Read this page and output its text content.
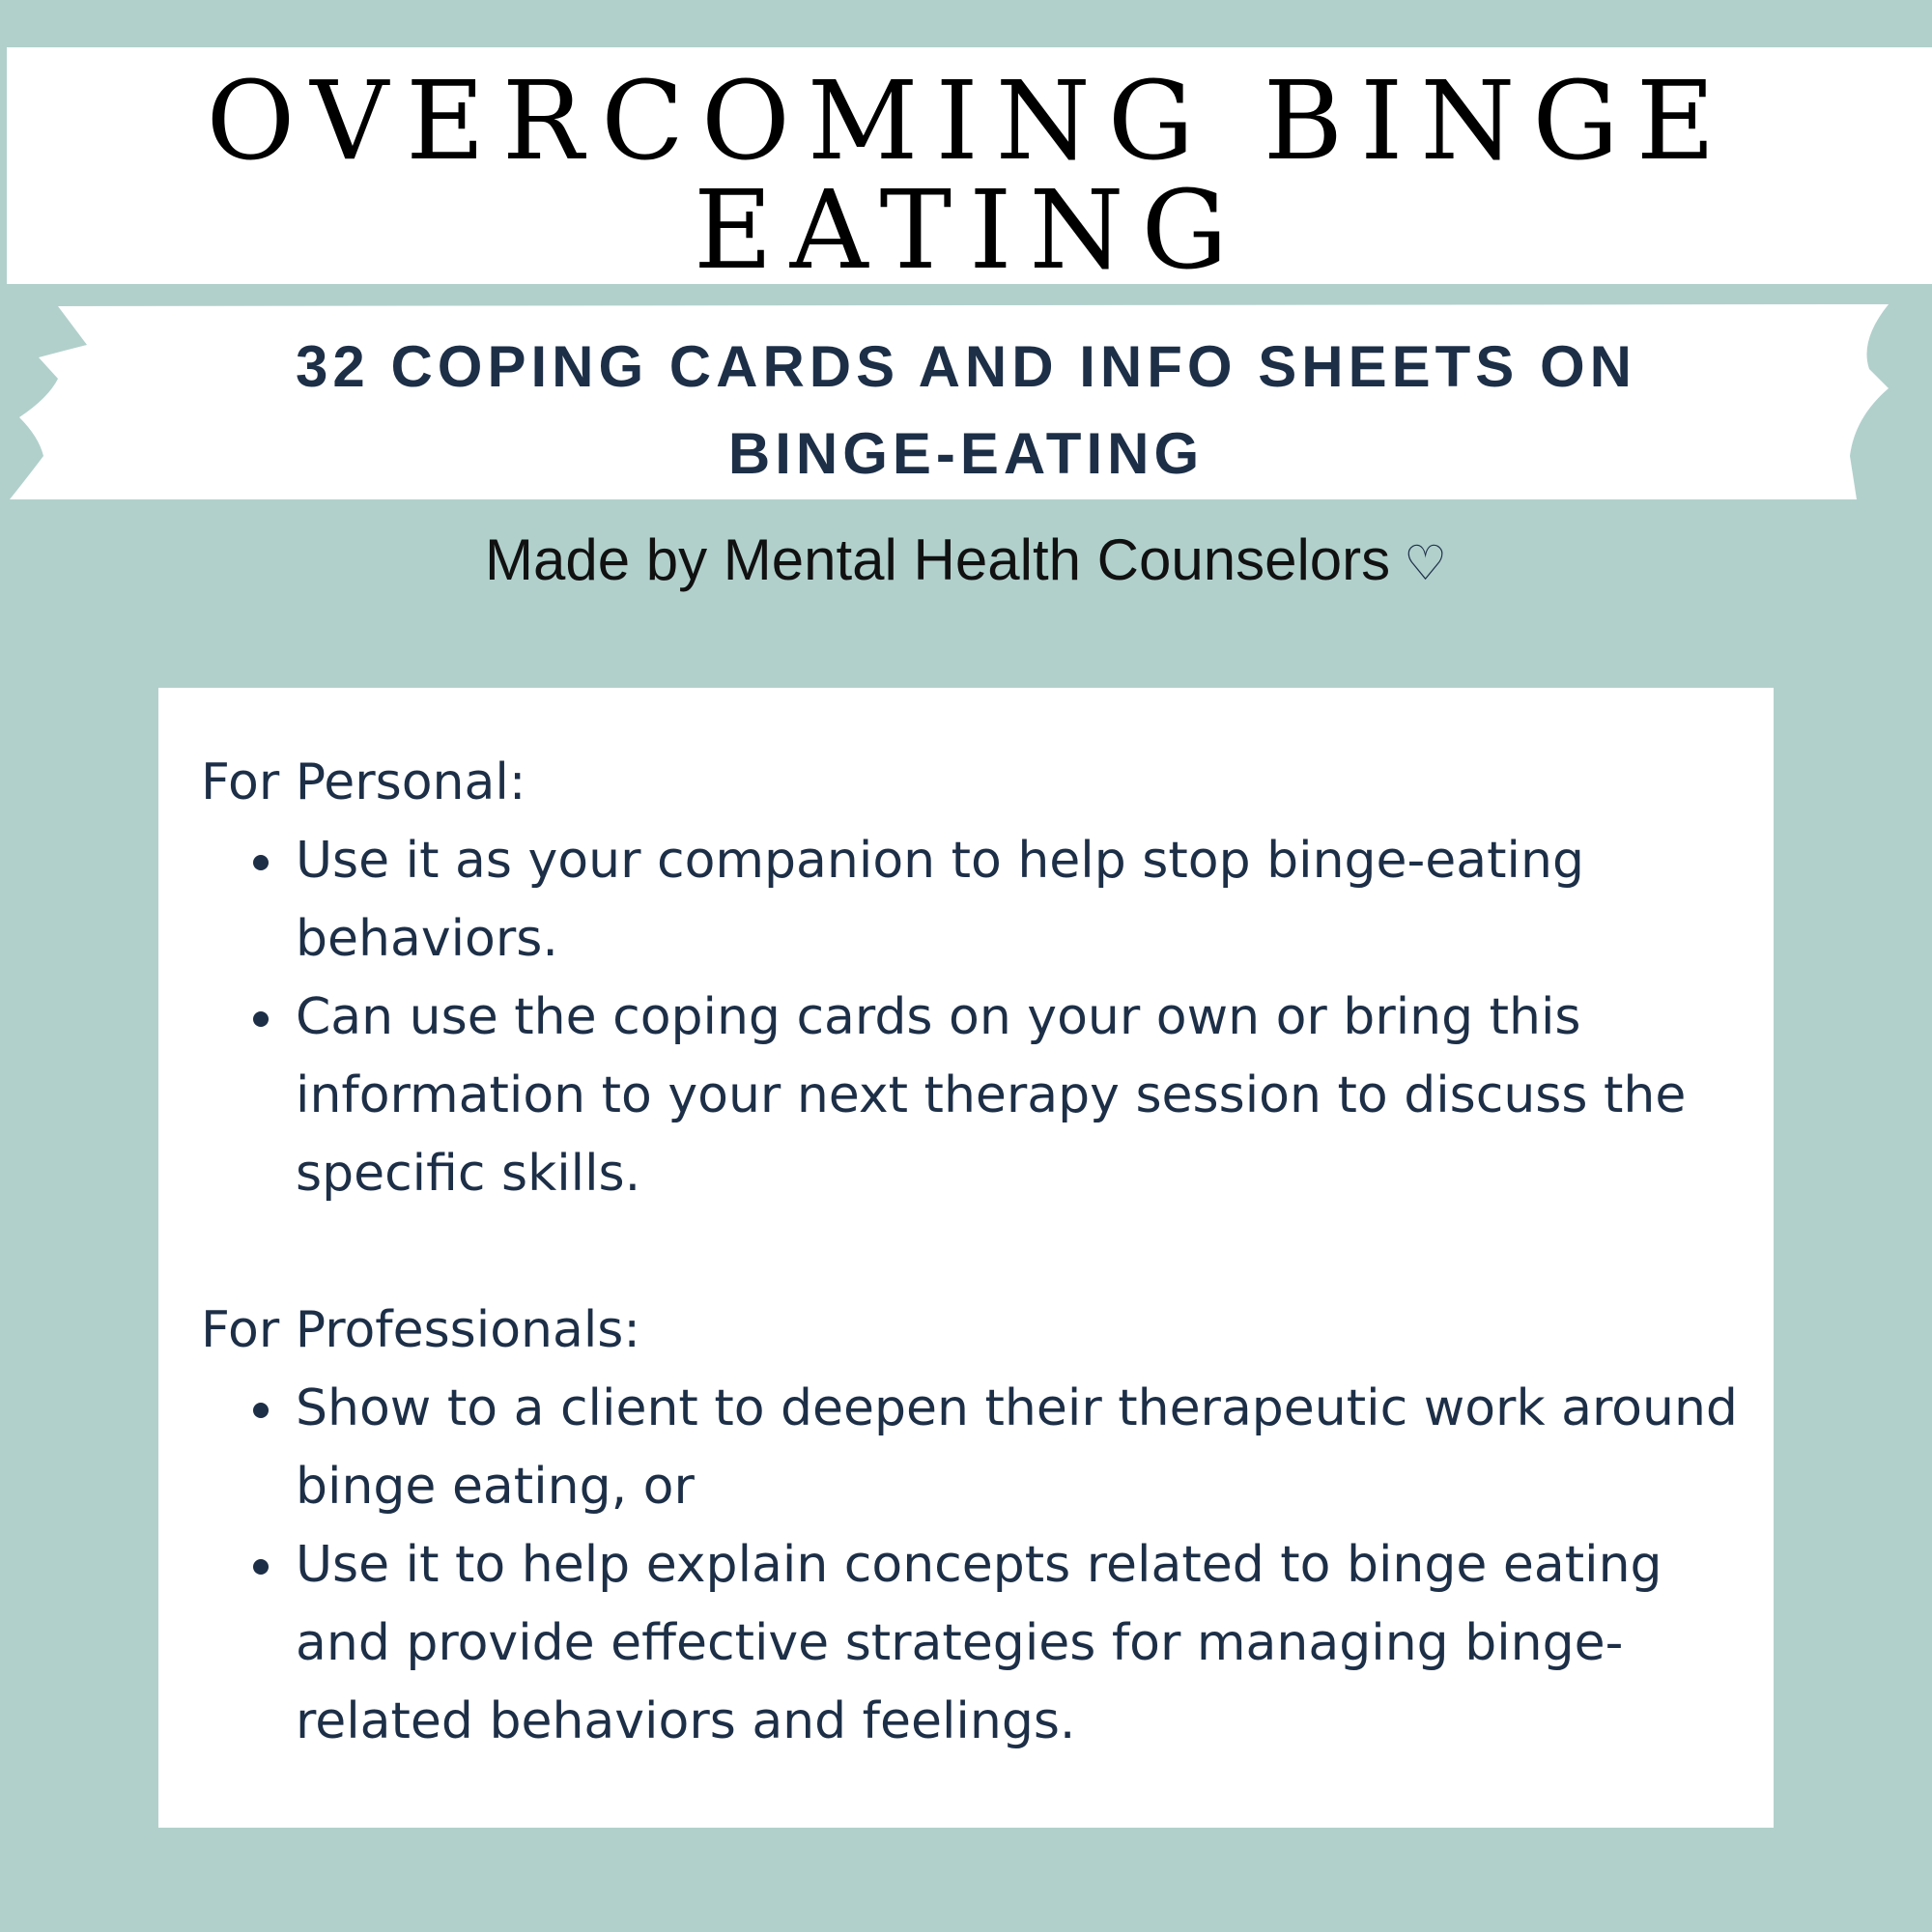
OVERCOMING BINGE
EATING
32 COPING CARDS AND INFO SHEETS ON
BINGE-EATING
Made by Mental Health Counselors ♡

For Personal:

Use it as your companion to help stop binge-eating behaviors.
Can use the coping cards on your own or bring this information to your next therapy session to discuss the specific skills.

For Professionals:

Show to a client to deepen their therapeutic work around binge eating, or
Use it to help explain concepts related to binge eating and provide effective strategies for managing binge-related behaviors and feelings.
